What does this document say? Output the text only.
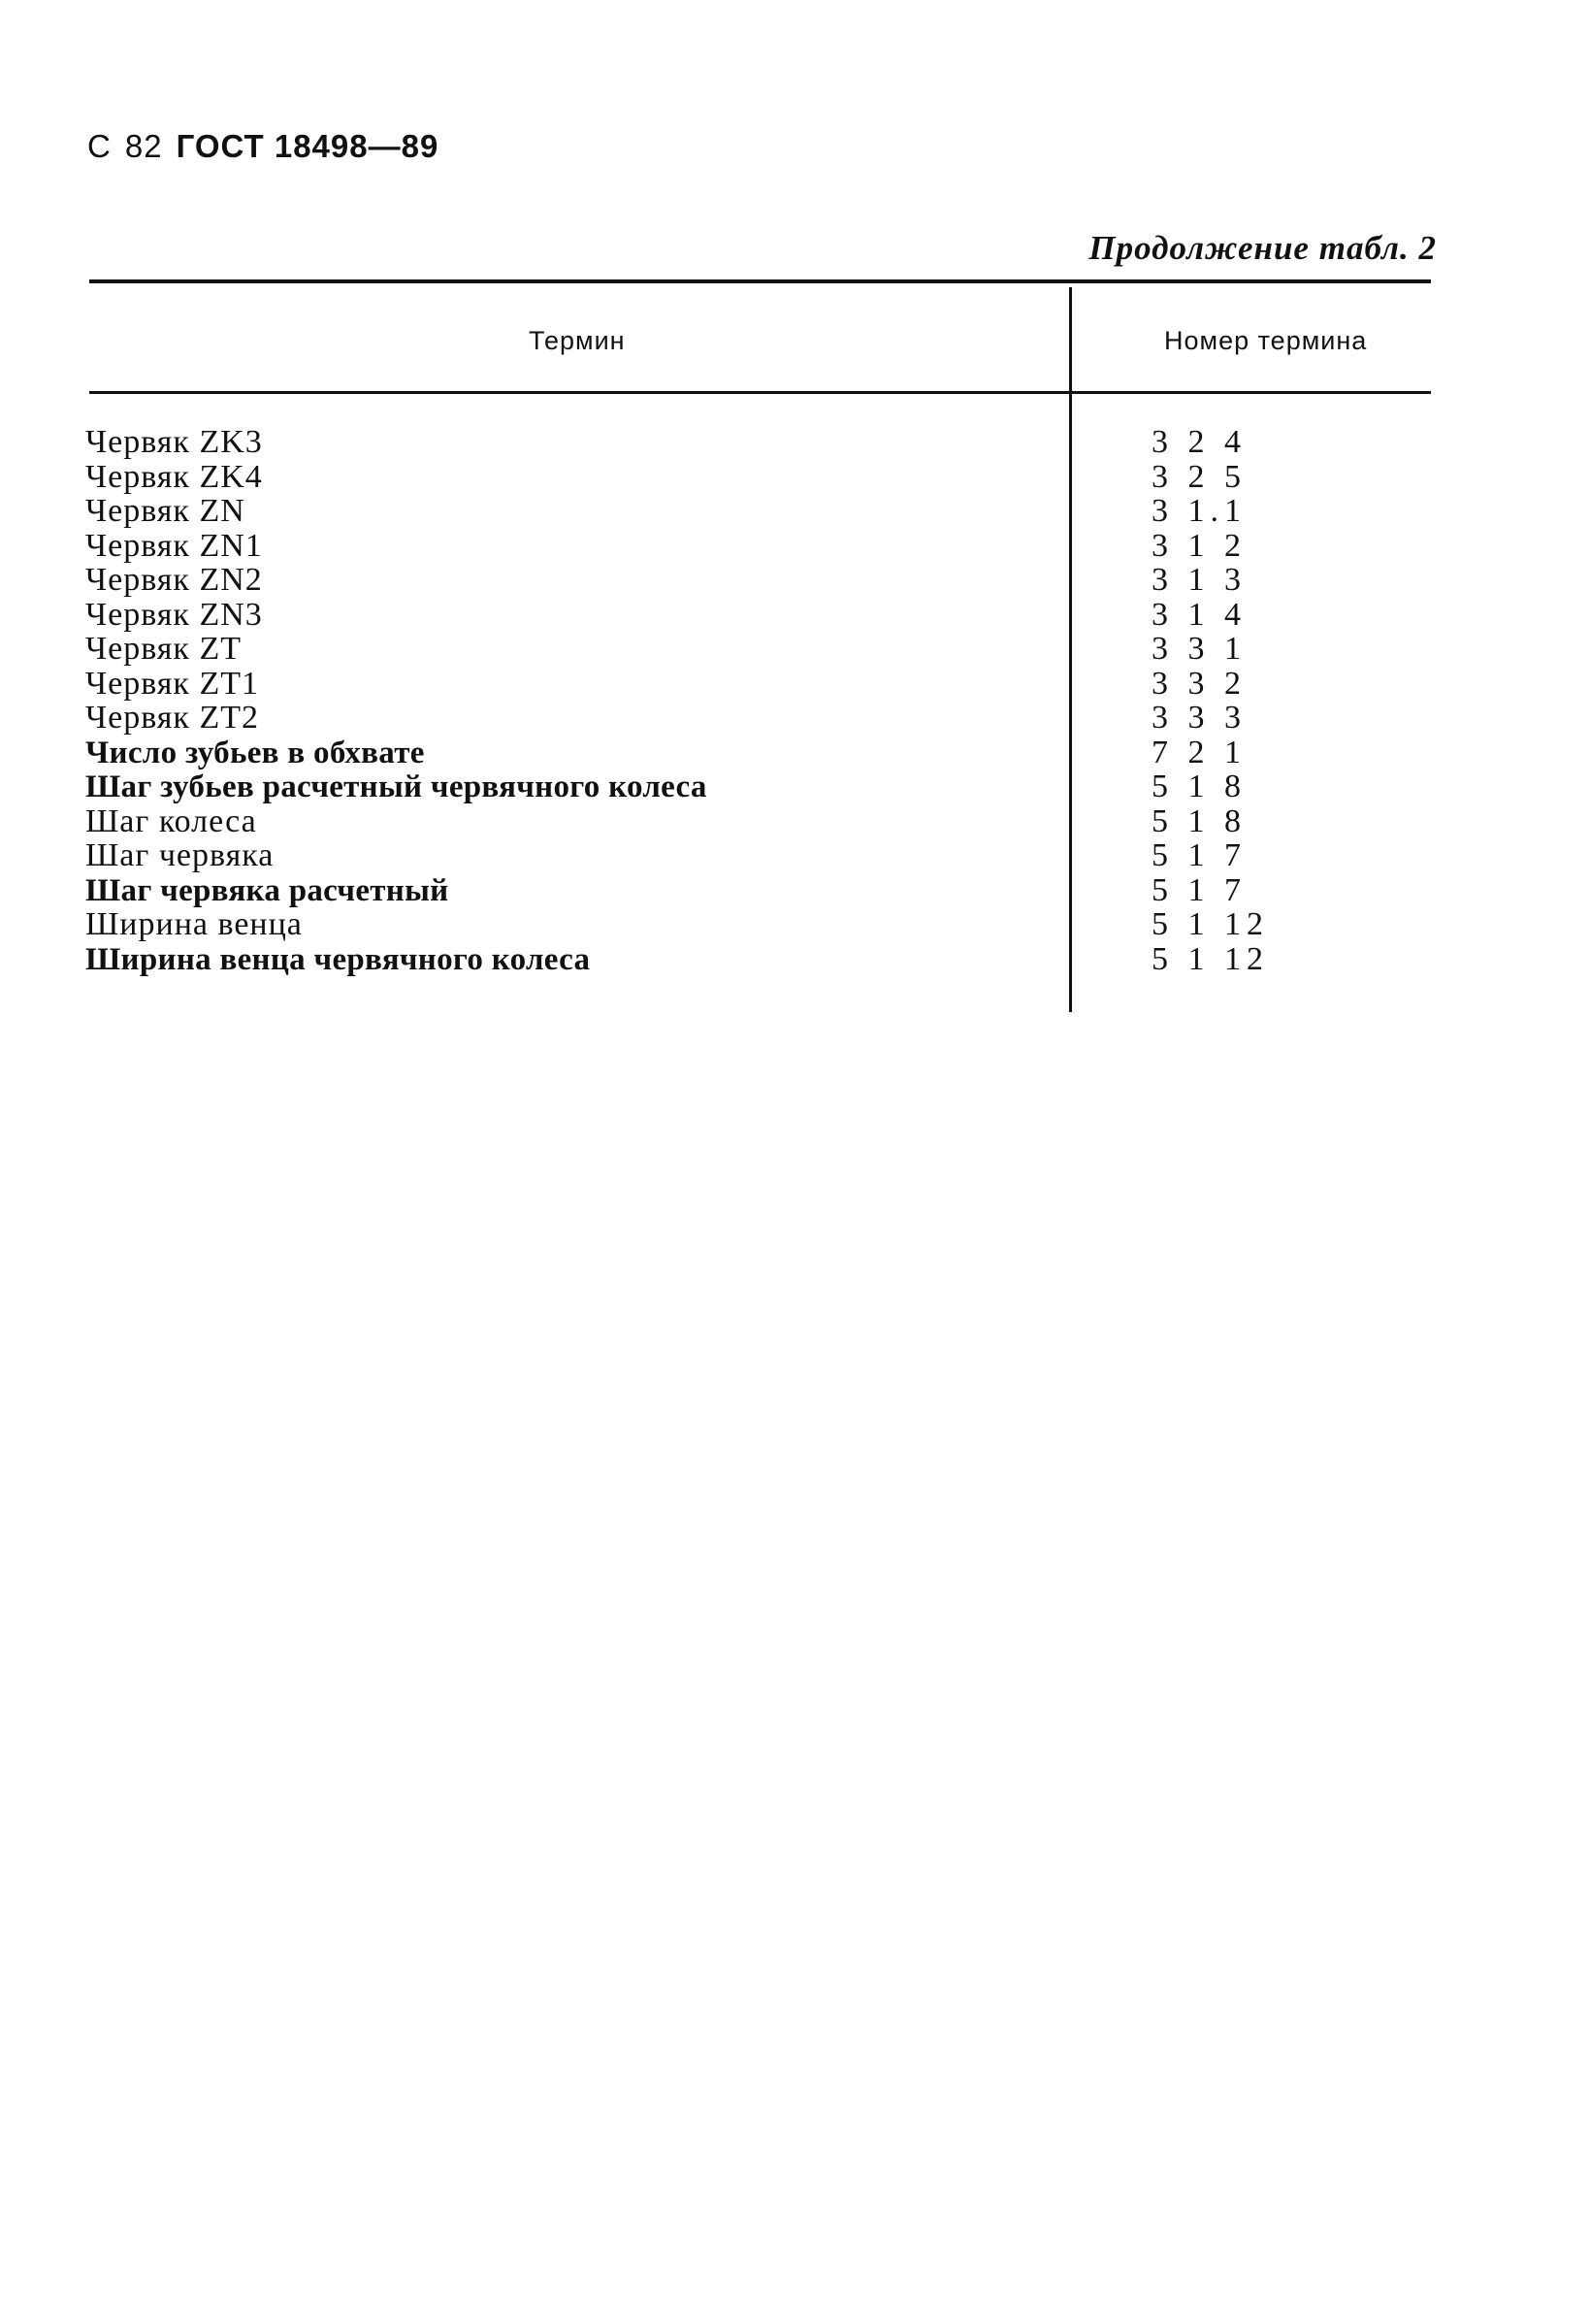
С 82 ГОСТ 18498—89
Продолжение табл. 2
Термин	Номер термина
Червяк ZK3	3 2 4
Червяк ZK4	3 2 5
Червяк ZN	3 1.1
Червяк ZN1	3 1 2
Червяк ZN2	3 1 3
Червяк ZN3	3 1 4
Червяк ZT	3 3 1
Червяк ZT1	3 3 2
Червяк ZT2	3 3 3
Число зубьев в обхвате	7 2 1
Шаг зубьев расчетный червячного колеса	5 1 8
Шаг колеса	5 1 8
Шаг червяка	5 1 7
Шаг червяка расчетный	5 1 7
Ширина венца	5 1 12
Ширина венца червячного колеса	5 1 12
